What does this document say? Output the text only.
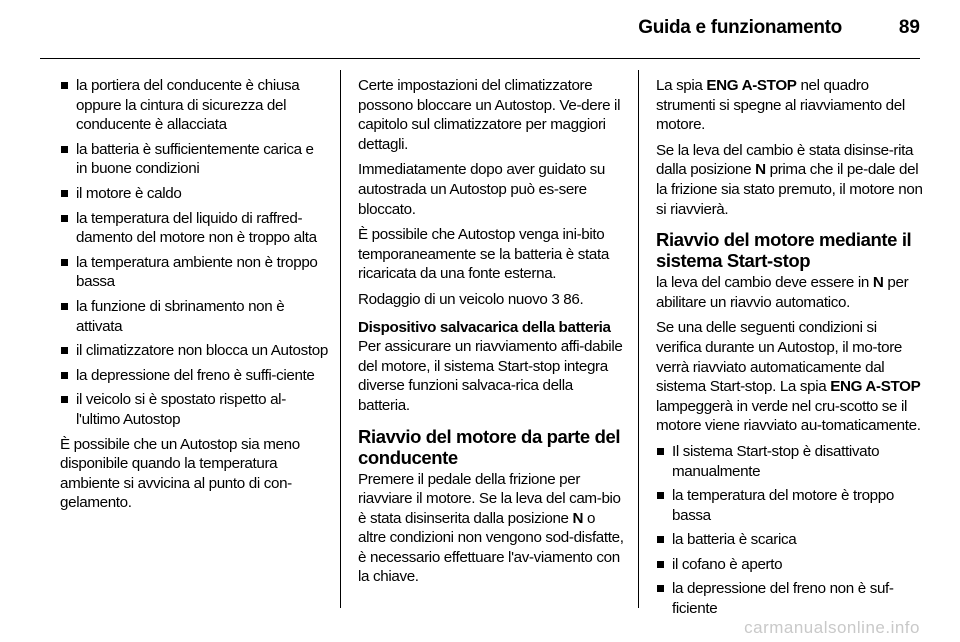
Guida e funzionamento	89
la portiera del conducente è chiusa oppure la cintura di sicurezza del conducente è allacciata
la batteria è sufficientemente carica e in buone condizioni
il motore è caldo
la temperatura del liquido di raffred-damento del motore non è troppo alta
la temperatura ambiente non è troppo bassa
la funzione di sbrinamento non è attivata
il climatizzatore non blocca un Autostop
la depressione del freno è suffi-ciente
il veicolo si è spostato rispetto al-l'ultimo Autostop

È possibile che un Autostop sia meno disponibile quando la temperatura ambiente si avvicina al punto di con-gelamento.

Certe impostazioni del climatizzatore possono bloccare un Autostop. Ve-dere il capitolo sul climatizzatore per maggiori dettagli.

Immediatamente dopo aver guidato su autostrada un Autostop può es-sere bloccato.

È possibile che Autostop venga ini-bito temporaneamente se la batteria è stata ricaricata da una fonte esterna.

Rodaggio di un veicolo nuovo 3 86.

Dispositivo salvacarica della batteria

Per assicurare un riavviamento affi-dabile del motore, il sistema Start-stop integra diverse funzioni salvaca-rica della batteria.

Riavvio del motore da parte del conducente

Premere il pedale della frizione per riavviare il motore. Se la leva del cam-bio è stata disinserita dalla posizione N o altre condizioni non vengono sod-disfatte, è necessario effettuare l'av-viamento con la chiave.

La spia ENG A-STOP nel quadro strumenti si spegne al riavviamento del motore.

Se la leva del cambio è stata disinse-rita dalla posizione N prima che il pe-dale del la frizione sia stato premuto, il motore non si riavvierà.

Riavvio del motore mediante il sistema Start-stop

la leva del cambio deve essere in N per abilitare un riavvio automatico.

Se una delle seguenti condizioni si verifica durante un Autostop, il mo-tore verrà riavviato automaticamente dal sistema Start-stop. La spia ENG A-STOP lampeggerà in verde nel cru-scotto se il motore viene riavviato au-tomaticamente.

Il sistema Start-stop è disattivato manualmente
la temperatura del motore è troppo bassa
la batteria è scarica
il cofano è aperto
la depressione del freno non è suf-ficiente
carmanualsonline.info
